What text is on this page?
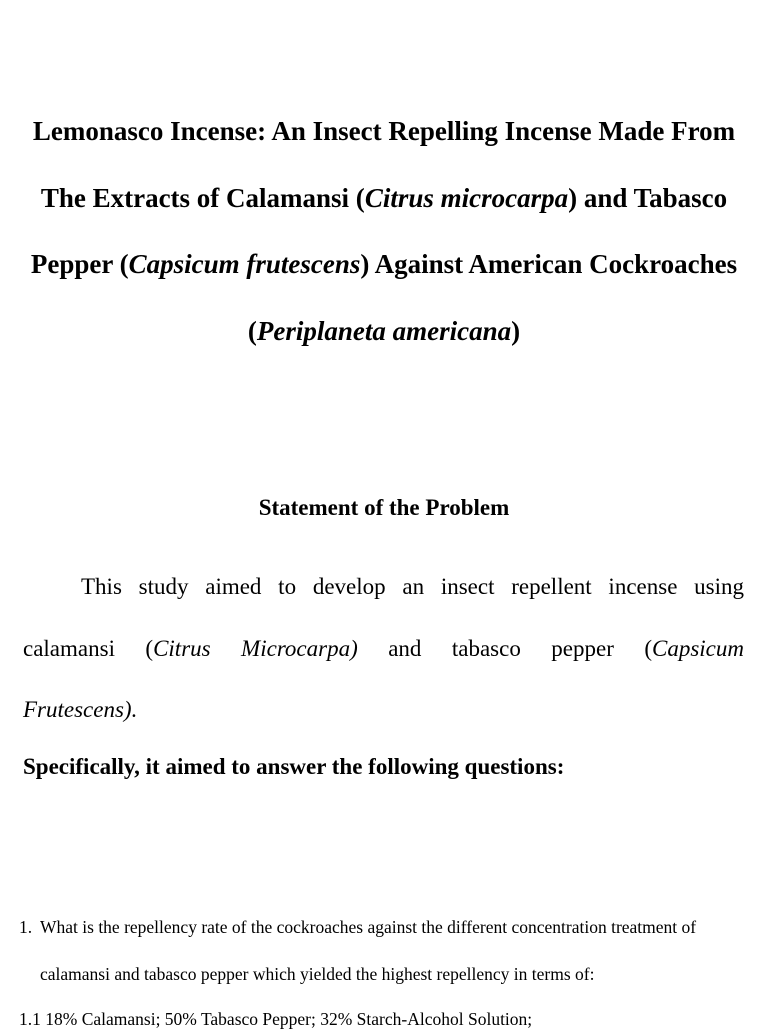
Lemonasco Incense: An Insect Repelling Incense Made From The Extracts of Calamansi (Citrus microcarpa) and Tabasco Pepper (Capsicum frutescens) Against American Cockroaches (Periplaneta americana)
Statement of the Problem
This study aimed to develop an insect repellent incense using
calamansi (Citrus Microcarpa) and tabasco pepper (Capsicum
Frutescens).
Specifically, it aimed to answer the following questions:
1. What is the repellency rate of the cockroaches against the different concentration treatment of calamansi and tabasco pepper which yielded the highest repellency in terms of:
1.1 18% Calamansi; 50% Tabasco Pepper; 32% Starch-Alcohol Solution;
